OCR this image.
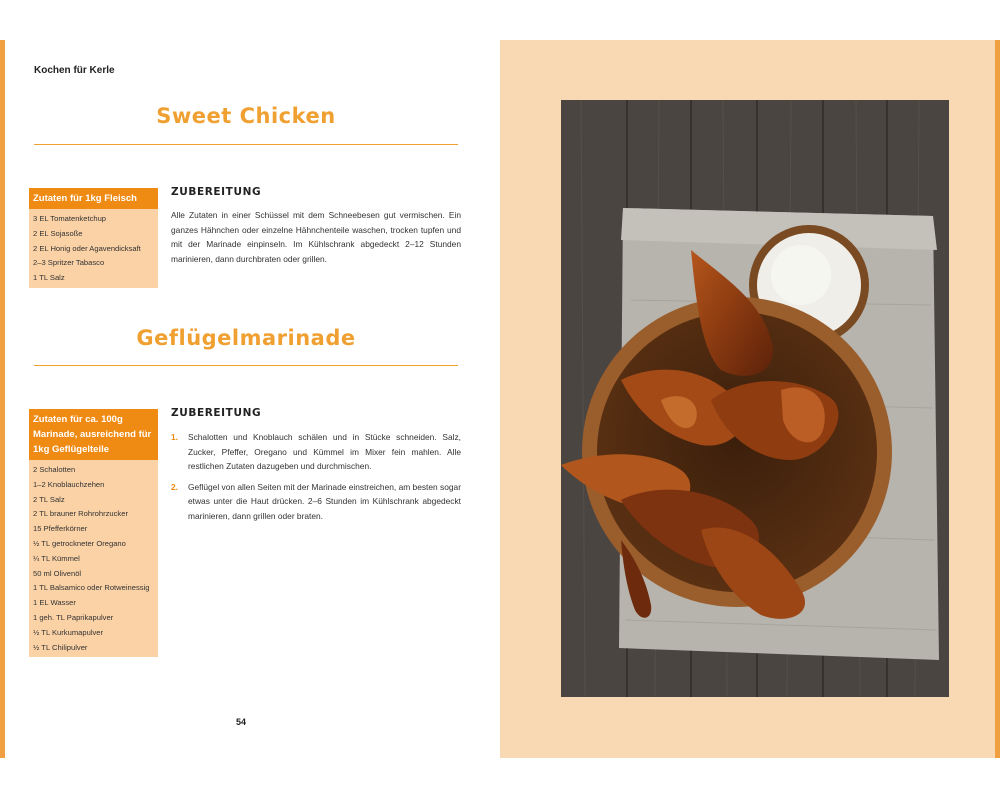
Kochen für Kerle
Sweet Chicken
Zutaten für 1kg Fleisch
3 EL Tomatenketchup
2 EL Sojasoße
2 EL Honig oder Agavendicksaft
2–3 Spritzer Tabasco
1 TL Salz
ZUBEREITUNG

Alle Zutaten in einer Schüssel mit dem Schneebesen gut vermischen. Ein ganzes Hähnchen oder einzelne Hähnchenteile waschen, trocken tupfen und mit der Marinade einpinseln. Im Kühlschrank abgedeckt 2–12 Stunden marinieren, dann durchbraten oder grillen.

Geflügelmarinade
Zutaten für ca. 100g Marinade, ausreichend für 1kg Geflügelteile
2 Schalotten
1–2 Knoblauchzehen
2 TL Salz
2 TL brauner Rohrohrzucker
15 Pfefferkörner
½ TL getrockneter Oregano
¼ TL Kümmel
50 ml Olivenöl
1 TL Balsamico oder Rotweinessig
1 EL Wasser
1 geh. TL Paprikapulver
½ TL Kurkumapulver
½ TL Chilipulver
ZUBEREITUNG
1. Schalotten und Knoblauch schälen und in Stücke schneiden. Salz, Zucker, Pfeffer, Oregano und Kümmel im Mixer fein mahlen. Alle restlichen Zutaten dazugeben und durchmischen.
2. Geflügel von allen Seiten mit der Marinade einstreichen, am besten sogar etwas unter die Haut drücken. 2–6 Stunden im Kühlschrank abgedeckt marinieren, dann grillen oder braten.
54
